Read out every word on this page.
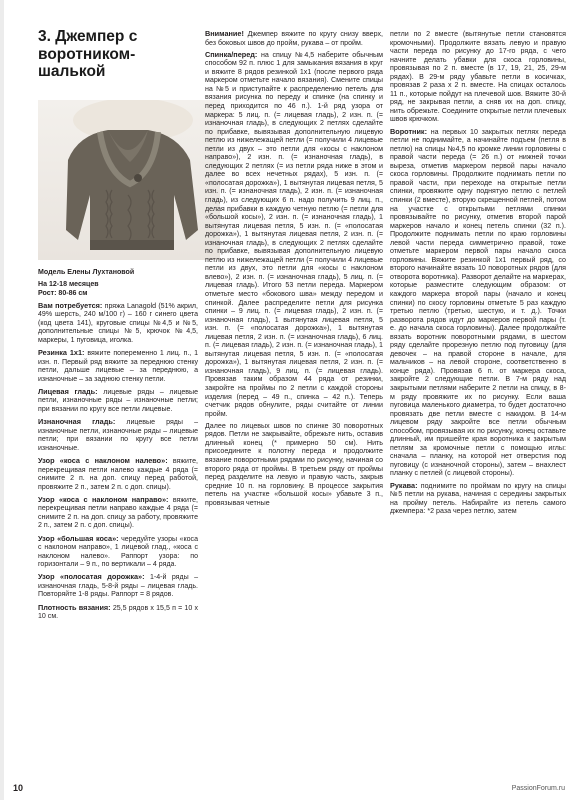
3. Джемпер с воротником-шалькой

Модель Елены Лухтановой

На 12-18 месяцев

Рост: 80-86 см

Вам потребуется: пряжа Lanagold (51% акрил, 49% шерсть, 240 м/100 г) – 160 г синего цвета (код цвета 141), круговые спицы №4,5 и №5, дополнительные спицы №5, крючок №4,5, маркеры, 1 пуговица, иголка.

Резинка 1х1: вяжите попеременно 1 лиц. п., 1 изн. п. Первый ряд вяжите за переднюю стенку петли, дальше лицевые – за переднюю, а изнаночные – за заднюю стенку петли.

Лицевая гладь: лицевые ряды – лицевые петли, изнаночные ряды – изнаночные петли; при вязании по кругу все петли лицевые.

Изнаночная гладь: лицевые ряды – изнаночные петли, изнаночные ряды – лицевые петли; при вязании по кругу все петли изнаночные.

Узор «коса с наклоном налево»: вяжите, перекрещивая петли налево каждые 4 ряда (= снимите 2 п. на доп. спицу перед работой, провяжите 2 п., затем 2 п. с доп. спицы).

Узор «коса с наклоном направо»: вяжите, перекрещивая петли направо каждые 4 ряда (= снимите 2 п. на доп. спицу за работу, провяжите 2 п., затем 2 п. с доп. спицы).

Узор «большая коса»: чередуйте узоры «коса с наклоном направо», 1 лицевой глад., «коса с наклоном налево». Раппорт узора: по горизонтали – 9 п., по вертикали – 4 ряда.

Узор «полосатая дорожка»: 1-4-й ряды – изнаночная гладь, 5-8-й ряды – лицевая гладь. Повторяйте 1-8 ряды. Раппорт = 8 рядов.

Плотность вязания: 25,5 рядов х 15,5 п = 10 х 10 см.

Внимание! Джемпер вяжите по кругу снизу вверх, без боковых швов до пройм, рукава – от пройм.

Спинка/перед: на спицу №4,5 наберите обычным способом 92 п. плюс 1 для замыкания вязания в круг и вяжите 8 рядов резинкой 1х1 (после первого ряда маркером отметьте начало вязания). Смените спицы на №5 и приступайте к распределению петель для вязания рисунка по переду и спинке (на спинку и перед приходится по 46 п.). 1-й ряд узора от маркера: 5 лиц. п. (= лицевая гладь), 2 изн. п. (= изнаночная гладь), в следующих 2 петлях сделайте по прибавке, вывязывая дополнительную лицевую петлю из нижележащей петли (= получили 4 лицевые петли из двух – это петли для «косы с наклоном направо»), 2 изн. п. (= изнаночная гладь), в следующих 2 петлях (= из петли ряда ниже в этом и далее во всех нечетных рядах), 5 изн. п. (= «полосатая дорожка»), 1 вытянутая лицевая петля, 5 изн. п. (= изнаночная гладь), 2 изн. п. (= изнаночная гладь), из следующих 6 п. надо получить 9 лиц. п., делая прибавки в каждую четную петлю (= петли для «большой косы»), 2 изн. п. (= изнаночная гладь), 1 вытянутая лицевая петля, 5 изн. п. (= «полосатая дорожка»), 1 вытянутая лицевая петля, 2 изн. п. (= изнаночная гладь), в следующих 2 петлях сделайте по прибавке, вывязывая дополнительную лицевую петлю из нижележащей петли (= получили 4 лицевые петли из двух, это петли для «косы с наклоном влево»), 2 изн. п. (= изнаночная гладь), 5 лиц. п. (= лицевая гладь). Итого 53 петли переда. Маркером отметьте место «бокового шва» между передом и спинкой. Далее распределите петли для рисунка спинки – 9 лиц. п. (= лицевая гладь), 2 изн. п. (= изнаночная гладь), 1 вытянутая лицевая петля, 5 изн. п. (= «полосатая дорожка»), 1 вытянутая лицевая петля, 2 изн. п. (= изнаночная гладь), 6 лиц. п. (= лицевая гладь), 2 изн. п. (= изнаночная гладь), 1 вытянутая лицевая петля, 5 изн. п. (= «полосатая дорожка»), 1 вытянутая лицевая петля, 2 изн. п. (= изнаночная гладь), 9 лиц. п. (= лицевая гладь). Провязав таким образом 44 ряда от резинки, закройте на проймы по 2 петли с каждой стороны изделия (перед – 49 п., спинка – 42 п.). Теперь счетчик рядов обнулите, ряды считайте от линии пройм.

Далее по лицевых швов по спинке 30 поворотных рядов. Петли не закрывайте, обрежьте нить, оставив длинный конец (* примерно 50 см). Нить присоедините к полотну переда и продолжите вязание поворотными рядами по рисунку, начиная со второго ряда от проймы. В третьем ряду от проймы перед разделите на левую и правую часть, закрыв средние 10 п. на горловину. В процессе закрытия петель на участке «большой косы» убавьте 3 п., провязывая четные

петли по 2 вместе (вытянутые петли становятся кромочными). Продолжите вязать левую и правую части переда по рисунку до 17-го ряда, с чего начните делать убавки для скоса горловины, провязывая по 2 п. вместе (в 17, 19, 21, 25, 29-м рядах). В 29-м ряду убавьте петли в косичках, провязав 2 раза х 2 п. вместе. На спицах осталось 11 п., которые пойдут на плечевой шов. Вяжите 30-й ряд, не закрывая петли, а сняв их на доп. спицу, нить обрежьте. Соедините открытые петли плечевых швов крючком.

Воротник: на первых 10 закрытых петлях переда петли не поднимайте, а начинайте подъем (петля в петлю) на спицы №4,5 по кромке линии горловины с правой части переда (= 26 п.) от нижней точки выреза, отметив маркером первой пары начало скоса горловины. Продолжите поднимать петли по правой части, при переходе на открытые петли спинки, провяжите одну поднятую петлю с петлей спинки (2 вместе), вторую скрещенной петлей, потом на участке с открытыми петлями спинки провязывайте по рисунку, отметив второй парой маркеров начало и конец петель спинки (32 п.). Продолжите поднимать петли по краю горловины левой части переда симметрично правой, тоже отметьте маркером первой пары начало скоса горловины. Вяжите резинкой 1х1 первый ряд, со второго начинайте вязать 10 поворотных рядов (для отворота воротника). Разворот делайте на маркерах, которые разместите следующим образом: от каждого маркера второй пары (начало и конец спинки) по скосу горловины отметьте 5 раз каждую третью петлю (третью, шестую, и т. д.). Точки разворота рядов идут до маркеров первой пары (т. е. до начала скоса горловины). Далее продолжайте вязать воротник поворотными рядами, в шестом ряду сделайте прорезную петлю под пуговицу (для девочек – на правой стороне в начале, для мальчиков – на левой стороне, соответственно в конце ряда). Провязав 6 п. от маркера скоса, закройте 2 следующие петли. В 7-м ряду над закрытыми петлями наберите 2 петли на спицу, в 8-м ряду провяжите их по рисунку. Если ваша пуговица маленького диаметра, то будет достаточно провязать две петли вместе с накидом. В 14-м лицевом ряду закройте все петли обычным способом, провязывая их по рисунку, конец оставьте длинный, им пришейте края воротника к закрытым петлям за кромочные петли с помощью иглы: сначала – планку, на которой нет отверстия под пуговицу (с изнаночной стороны), затем – внахлест планку с петлей (с лицевой стороны).

Рукава: поднимите по проймам по кругу на спицы №5 петли на рукава, начиная с середины закрытых на пройму петель. Набирайте из петель самого джемпера: *2 раза через петлю, затем

10	PassionForum.ru
